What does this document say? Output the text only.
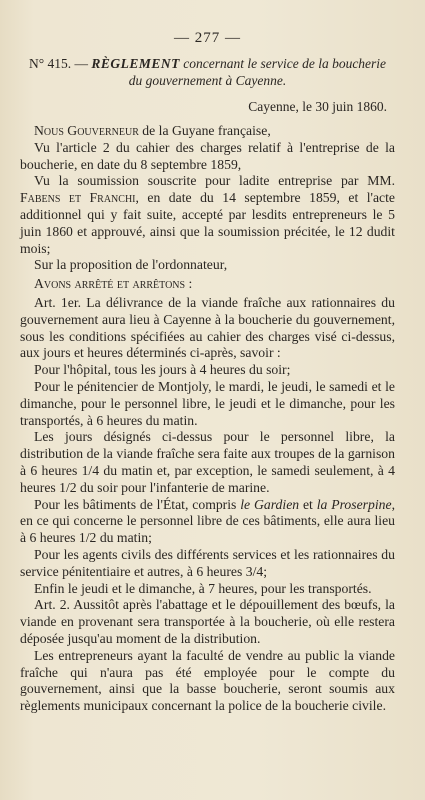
— 277 —
N° 415. — RÈGLEMENT concernant le service de la boucherie
du gouvernement à Cayenne.
Cayenne, le 30 juin 1860.

Nous Gouverneur de la Guyane française,

Vu l'article 2 du cahier des charges relatif à l'entreprise de la boucherie, en date du 8 septembre 1859,

Vu la soumission souscrite pour ladite entreprise par MM. Fabens et Franchi, en date du 14 septembre 1859, et l'acte additionnel qui y fait suite, accepté par lesdits entrepreneurs le 5 juin 1860 et approuvé, ainsi que la soumission précitée, le 12 dudit mois;

Sur la proposition de l'ordonnateur,

Avons arrêté et arrêtons :

Art. 1er. La délivrance de la viande fraîche aux rationnaires du gouvernement aura lieu à Cayenne à la boucherie du gouvernement, sous les conditions spécifiées au cahier des charges visé ci-dessus, aux jours et heures déterminés ci-après, savoir :

Pour l'hôpital, tous les jours à 4 heures du soir;

Pour le pénitencier de Montjoly, le mardi, le jeudi, le samedi et le dimanche, pour le personnel libre, le jeudi et le dimanche, pour les transportés, à 6 heures du matin.

Les jours désignés ci-dessus pour le personnel libre, la distribution de la viande fraîche sera faite aux troupes de la garnison à 6 heures 1/4 du matin et, par exception, le samedi seulement, à 4 heures 1/2 du soir pour l'infanterie de marine.

Pour les bâtiments de l'État, compris le Gardien et la Proserpine, en ce qui concerne le personnel libre de ces bâtiments, elle aura lieu à 6 heures 1/2 du matin;

Pour les agents civils des différents services et les rationnaires du service pénitentiaire et autres, à 6 heures 3/4;

Enfin le jeudi et le dimanche, à 7 heures, pour les transportés.

Art. 2. Aussitôt après l'abattage et le dépouillement des bœufs, la viande en provenant sera transportée à la boucherie, où elle restera déposée jusqu'au moment de la distribution.

Les entrepreneurs ayant la faculté de vendre au public la viande fraîche qui n'aura pas été employée pour le compte du gouvernement, ainsi que la basse boucherie, seront soumis aux règlements municipaux concernant la police de la boucherie civile.
